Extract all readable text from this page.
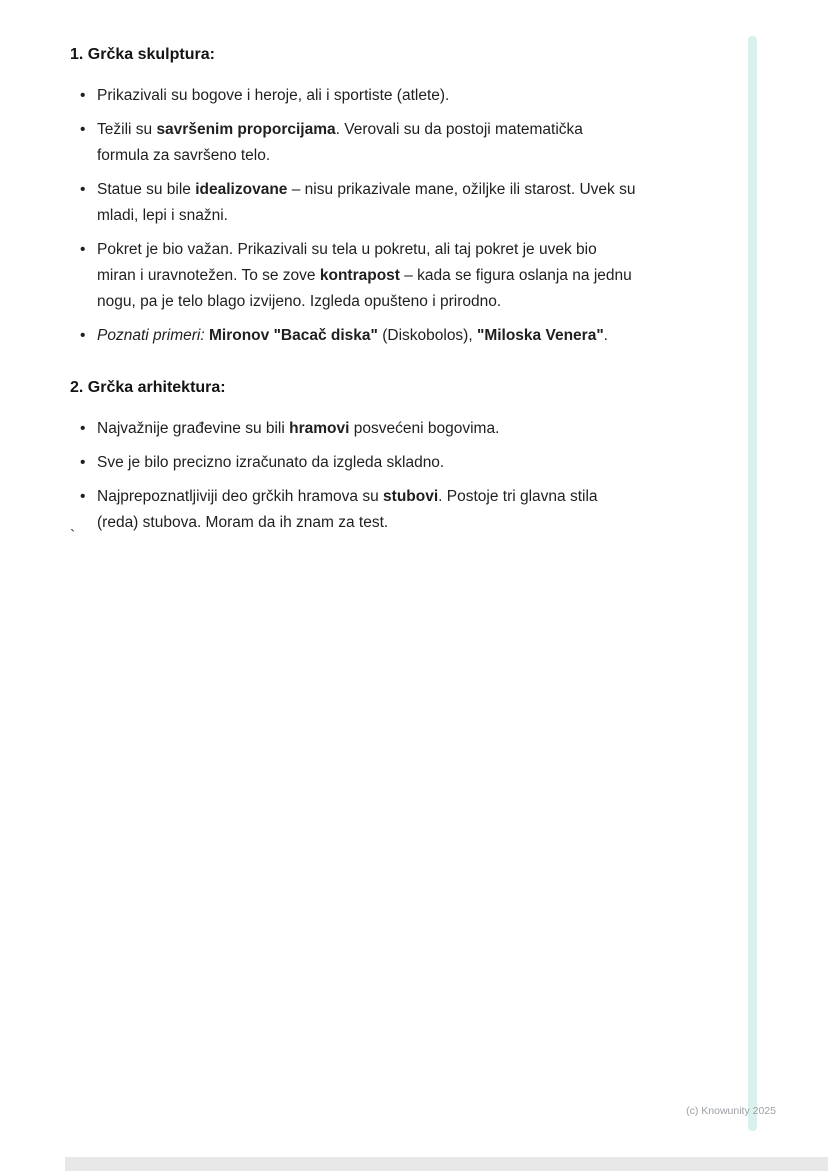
1. Grčka skulptura:
• Prikazivali su bogove i heroje, ali i sportiste (atlete).
• Težili su savršenim proporcijama. Verovali su da postoji matematička formula za savršeno telo.
• Statue su bile idealizovane – nisu prikazivale mane, ožiljke ili starost. Uvek su mladi, lepi i snažni.
• Pokret je bio važan. Prikazivali su tela u pokretu, ali taj pokret je uvek bio miran i uravnotežen. To se zove kontrapost – kada se figura oslanja na jednu nogu, pa je telo blago izvijeno. Izgleda opušteno i prirodno.
• Poznati primeri: Mironov "Bacač diska" (Diskobolos), "Miloska Venera".
2. Grčka arhitektura:
• Najvažnije građevine su bili hramovi posvećeni bogovima.
• Sve je bilo precizno izračunato da izgleda skladno.
• Najprepoznatljiviji deo grčkih hramova su stubovi. Postoje tri glavna stila (reda) stubova. Moram da ih znam za test.
`
(c) Knowunity 2025
